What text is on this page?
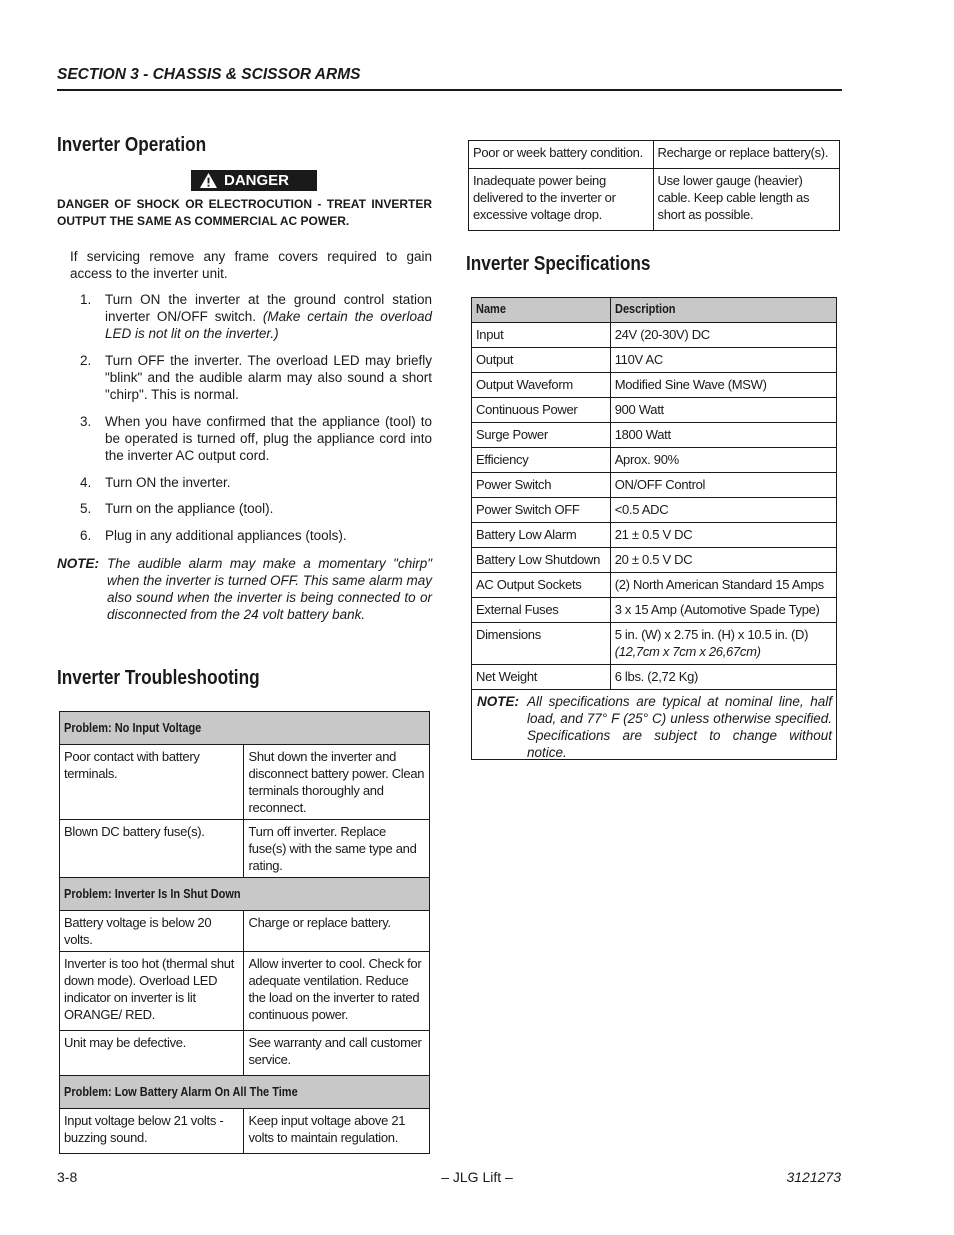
SECTION 3 - CHASSIS & SCISSOR ARMS
Inverter Operation
DANGER
DANGER OF SHOCK OR ELECTROCUTION - TREAT INVERTER OUTPUT THE SAME AS COMMERCIAL AC POWER.
If servicing remove any frame covers required to gain access to the inverter unit.
1. Turn ON the inverter at the ground control station inverter ON/OFF switch. (Make certain the overload LED is not lit on the inverter.)
2. Turn OFF the inverter. The overload LED may briefly "blink" and the audible alarm may also sound a short "chirp". This is normal.
3. When you have confirmed that the appliance (tool) to be operated is turned off, plug the appliance cord into the inverter AC output cord.
4. Turn ON the inverter.
5. Turn on the appliance (tool).
6. Plug in any additional appliances (tools).
NOTE: The audible alarm may make a momentary "chirp" when the inverter is turned OFF. This same alarm may also sound when the inverter is being connected to or disconnected from the 24 volt battery bank.
Inverter Troubleshooting
Problem: No Input Voltage	
Poor contact with battery terminals.	Shut down the inverter and disconnect battery power. Clean terminals thoroughly and reconnect.
Blown DC battery fuse(s).	Turn off inverter. Replace fuse(s) with the same type and rating.
Problem: Inverter Is In Shut Down	
Battery voltage is below 20 volts.	Charge or replace battery.
Inverter is too hot (thermal shut down mode). Overload LED indicator on inverter is lit ORANGE/ RED.	Allow inverter to cool. Check for adequate ventilation. Reduce the load on the inverter to rated continuous power.
Unit may be defective.	See warranty and call customer service.
Problem: Low Battery Alarm On All The Time	
Input voltage below 21 volts - buzzing sound.	Keep input voltage above 21 volts to maintain regulation.
Poor or week battery condition.	Recharge or replace battery(s).
Inadequate power being delivered to the inverter or excessive voltage drop.	Use lower gauge (heavier) cable. Keep cable length as short as possible.
Inverter Specifications
Name	Description
Input	24V (20-30V) DC
Output	110V AC
Output Waveform	Modified Sine Wave (MSW)
Continuous Power	900 Watt
Surge Power	1800 Watt
Efficiency	Aprox. 90%
Power Switch	ON/OFF Control
Power Switch OFF	<0.5 ADC
Battery Low Alarm	21 ± 0.5 V DC
Battery Low Shutdown	20 ± 0.5 V DC
AC Output Sockets	(2) North American Standard 15 Amps
External Fuses	3 x 15 Amp (Automotive Spade Type)
Dimensions	5 in. (W) x 2.75 in. (H) x 10.5 in. (D)
(12,7cm x 7cm x 26,67cm)
Net Weight	6 lbs. (2,72 Kg)

NOTE: All specifications are typical at nominal line, half load, and 77° F (25° C) unless otherwise specified. Specifications are subject to change without notice.	
3-8	– JLG Lift –	3121273
